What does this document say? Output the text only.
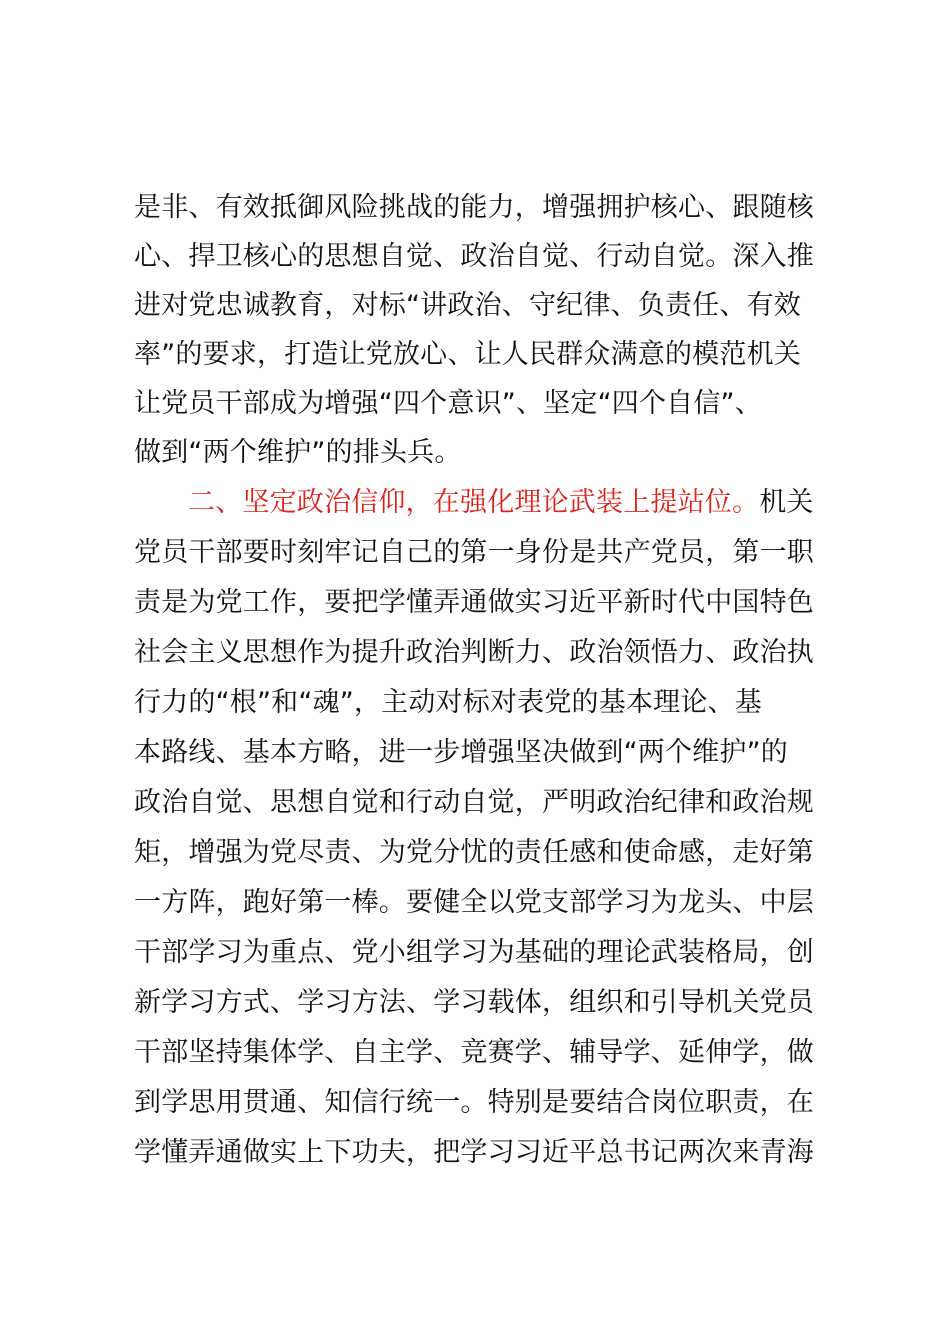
是非、有效抵御风险挑战的能力，增强拥护核心、跟随核
心、捍卫核心的思想自觉、政治自觉、行动自觉。深入推
进对党忠诚教育，对标“讲政治、守纪律、负责任、有效
率”的要求，打造让党放心、让人民群众满意的模范机关
让党员干部成为增强“四个意识”、坚定“四个自信”、
做到“两个维护”的排头兵。
二、坚定政治信仰，在强化理论武装上提站位。机关
党员干部要时刻牢记自己的第一身份是共产党员，第一职
责是为党工作，要把学懂弄通做实习近平新时代中国特色
社会主义思想作为提升政治判断力、政治领悟力、政治执
行力的“根”和“魂”，主动对标对表党的基本理论、基
本路线、基本方略，进一步增强坚决做到“两个维护”的
政治自觉、思想自觉和行动自觉，严明政治纪律和政治规
矩，增强为党尽责、为党分忧的责任感和使命感，走好第
一方阵，跑好第一棒。要健全以党支部学习为龙头、中层
干部学习为重点、党小组学习为基础的理论武装格局，创
新学习方式、学习方法、学习载体，组织和引导机关党员
干部坚持集体学、自主学、竞赛学、辅导学、延伸学，做
到学思用贯通、知信行统一。特别是要结合岗位职责，在
学懂弄通做实上下功夫，把学习习近平总书记两次来青海
